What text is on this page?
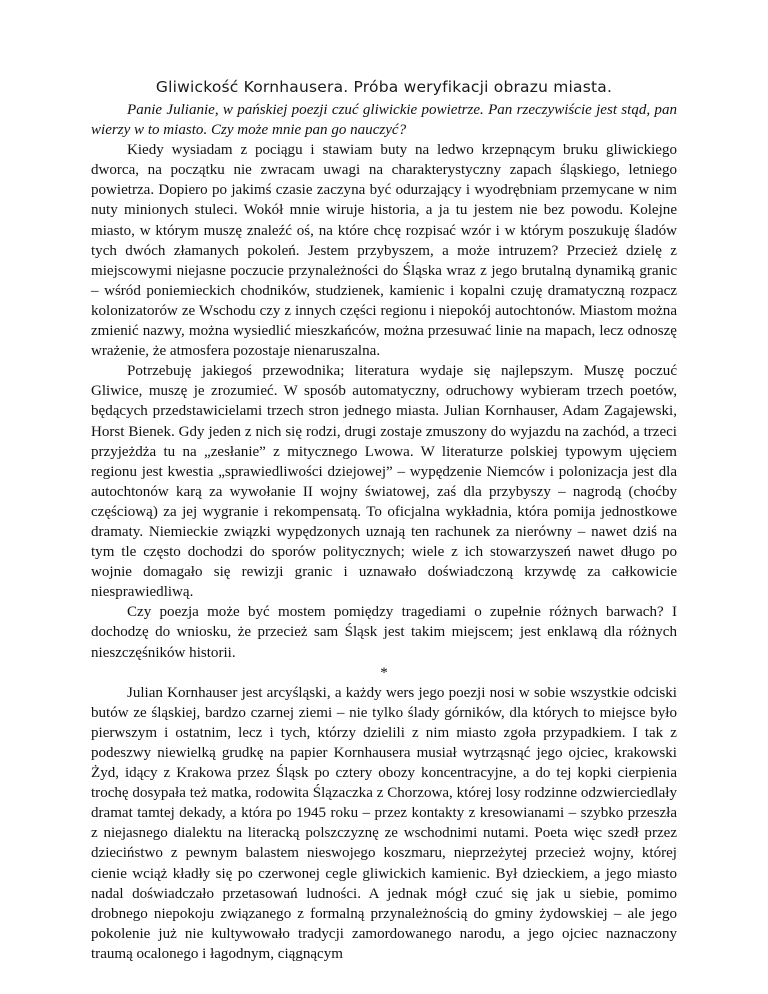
Gliwickość Kornhausera. Próba weryfikacji obrazu miasta.

Panie Julianie, w pańskiej poezji czuć gliwickie powietrze. Pan rzeczywiście jest stąd, pan wierzy w to miasto. Czy może mnie pan go nauczyć?

Kiedy wysiadam z pociągu i stawiam buty na ledwo krzepnącym bruku gliwickiego dworca, na początku nie zwracam uwagi na charakterystyczny zapach śląskiego, letniego powietrza. Dopiero po jakimś czasie zaczyna być odurzający i wyodrębniam przemycane w nim nuty minionych stuleci. Wokół mnie wiruje historia, a ja tu jestem nie bez powodu. Kolejne miasto, w którym muszę znaleźć oś, na które chcę rozpisać wzór i w którym poszukuję śladów tych dwóch złamanych pokoleń. Jestem przybyszem, a może intruzem? Przecież dzielę z miejscowymi niejasne poczucie przynależności do Śląska wraz z jego brutalną dynamiką granic – wśród poniemieckich chodników, studzienek, kamienic i kopalni czuję dramatyczną rozpacz kolonizatorów ze Wschodu czy z innych części regionu i niepokój autochtonów. Miastom można zmienić nazwy, można wysiedlić mieszkańców, można przesuwać linie na mapach, lecz odnoszę wrażenie, że atmosfera pozostaje nienaruszalna.

Potrzebuję jakiegoś przewodnika; literatura wydaje się najlepszym. Muszę poczuć Gliwice, muszę je zrozumieć. W sposób automatyczny, odruchowy wybieram trzech poetów, będących przedstawicielami trzech stron jednego miasta. Julian Kornhauser, Adam Zagajewski, Horst Bienek. Gdy jeden z nich się rodzi, drugi zostaje zmuszony do wyjazdu na zachód, a trzeci przyjeżdża tu na „zesłanie” z mitycznego Lwowa. W literaturze polskiej typowym ujęciem regionu jest kwestia „sprawiedliwości dziejowej” – wypędzenie Niemców i polonizacja jest dla autochtonów karą za wywołanie II wojny światowej, zaś dla przybyszy – nagrodą (choćby częściową) za jej wygranie i rekompensatą. To oficjalna wykładnia, która pomija jednostkowe dramaty. Niemieckie związki wypędzonych uznają ten rachunek za nierówny – nawet dziś na tym tle często dochodzi do sporów politycznych; wiele z ich stowarzyszeń nawet długo po wojnie domagało się rewizji granic i uznawało doświadczoną krzywdę za całkowicie niesprawiedliwą.

Czy poezja może być mostem pomiędzy tragediami o zupełnie różnych barwach? I dochodzę do wniosku, że przecież sam Śląsk jest takim miejscem; jest enklawą dla różnych nieszczęśników historii.

*

Julian Kornhauser jest arcyśląski, a każdy wers jego poezji nosi w sobie wszystkie odciski butów ze śląskiej, bardzo czarnej ziemi – nie tylko ślady górników, dla których to miejsce było pierwszym i ostatnim, lecz i tych, którzy dzielili z nim miasto zgoła przypadkiem. I tak z podeszwy niewielką grudkę na papier Kornhausera musiał wytrząsnąć jego ojciec, krakowski Żyd, idący z Krakowa przez Śląsk po cztery obozy koncentracyjne, a do tej kopki cierpienia trochę dosypała też matka, rodowita Ślązaczka z Chorzowa, której losy rodzinne odzwierciedlały dramat tamtej dekady, a która po 1945 roku – przez kontakty z kresowianami – szybko przeszła z niejasnego dialektu na literacką polszczyznę ze wschodnimi nutami. Poeta więc szedł przez dzieciństwo z pewnym balastem nieswojego koszmaru, nieprzeżytej przecież wojny, której cienie wciąż kładły się po czerwonej cegle gliwickich kamienic. Był dzieckiem, a jego miasto nadal doświadczało przetasowań ludności. A jednak mógł czuć się jak u siebie, pomimo drobnego niepokoju związanego z formalną przynależnością do gminy żydowskiej – ale jego pokolenie już nie kultywowało tradycji zamordowanego narodu, a jego ojciec naznaczony traumą ocalonego i łagodnym, ciągnącym
